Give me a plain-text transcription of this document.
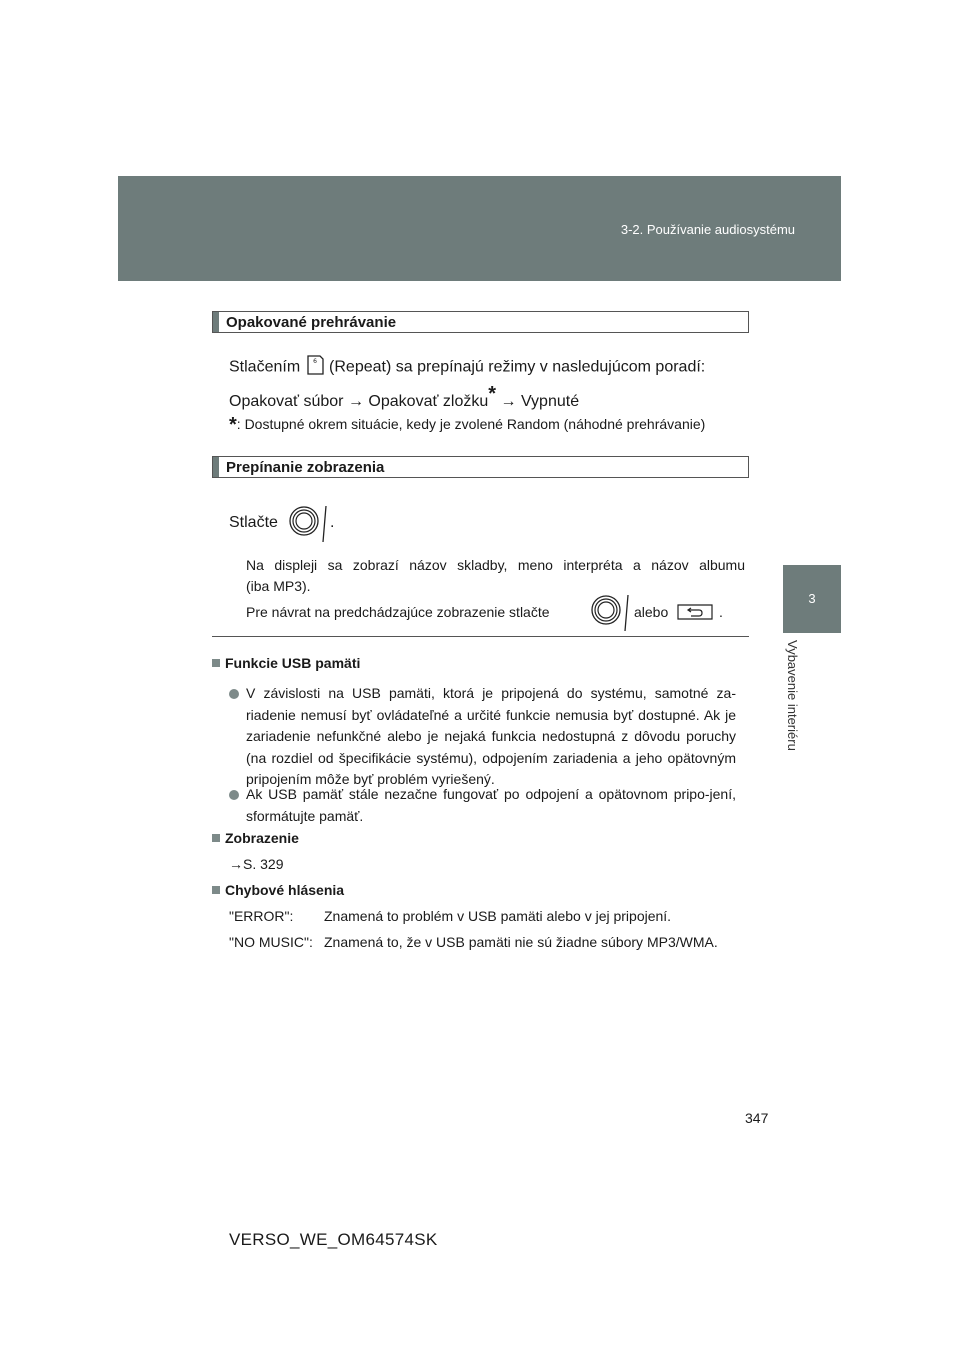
3-2. Používanie audiosystému
3
Vybavenie interiéru
Opakované prehrávanie
Stlačením 6 (Repeat) sa prepínajú režimy v nasledujúcom poradí:
Opakovať súbor → Opakovať zložku* → Vypnuté
*: Dostupné okrem situácie, kedy je zvolené Random (náhodné prehrávanie)
Prepínanie zobrazenia
Stlačte	.
Na displeji sa zobrazí názov skladby, meno interpréta a názov albumu
(iba MP3).
Pre návrat na predchádzajúce zobrazenie stlačte	alebo	.
Funkcie USB pamäti
V závislosti na USB pamäti, ktorá je pripojená do systému, samotné za-riadenie nemusí byť ovládateľné a určité funkcie nemusia byť dostupné. Ak je zariadenie nefunkčné alebo je nejaká funkcia nedostupná z dôvodu poruchy (na rozdiel od špecifikácie systému), odpojením zariadenia a jeho opätovným pripojením môže byť problém vyriešený.
Ak USB pamäť stále nezačne fungovať po odpojení a opätovnom pripo-jení, sformátujte pamäť.
Zobrazenie
→S. 329
Chybové hlásenia
"ERROR": Znamená to problém v USB pamäti alebo v jej pripojení.
"NO MUSIC": Znamená to, že v USB pamäti nie sú žiadne súbory MP3/WMA.
347
VERSO_WE_OM64574SK
